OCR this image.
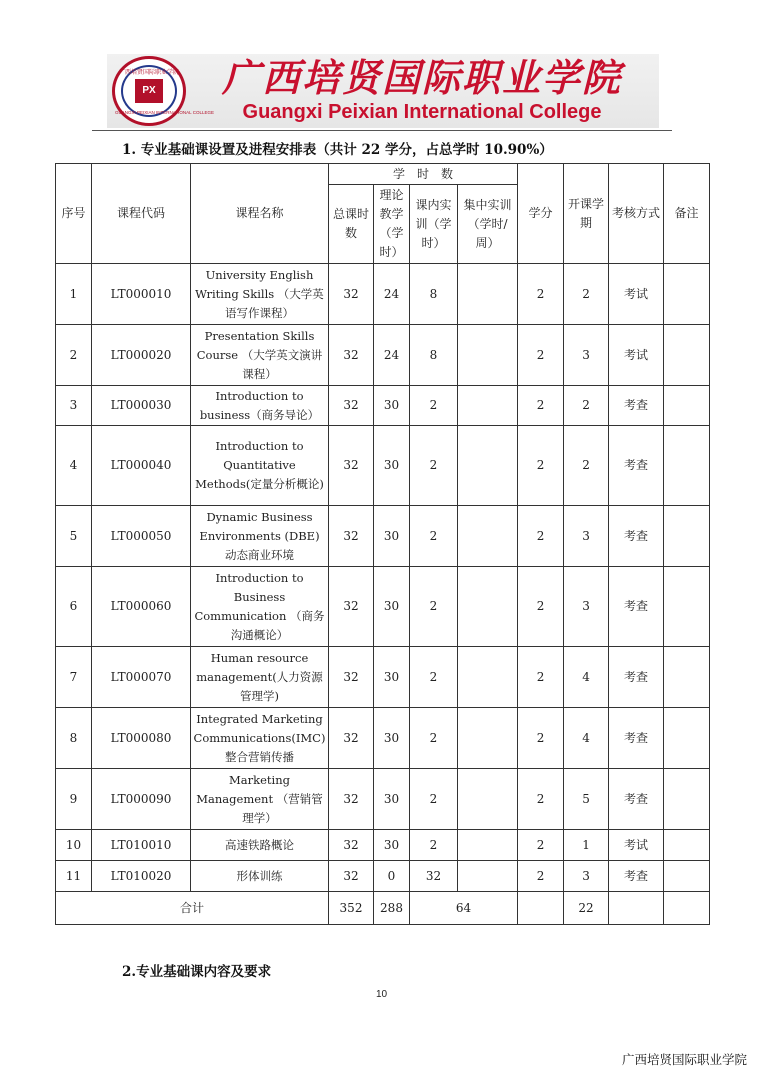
广西培贤国际职业学院
PX
GUANGXI PEIXIAN INTERNATIONAL COLLEGE
广西培贤国际职业学院
Guangxi Peixian International College
1. 专业基础课设置及进程安排表（共计 22 学分，占总学时 10.90%）
序号	课程代码	课程名称	学　时　数				学分	开课学期	考核方式	备注	
			总课时数	理论教学（学时）	课内实训（学时）	集中实训（学时/周）					
1	LT000010	University English Writing Skills （大学英语写作课程）	32	24	8		2	2	考试		
2	LT000020	Presentation Skills Course （大学英文演讲课程）	32	24	8		2	3	考试		
3	LT000030	Introduction to business（商务导论）	32	30	2		2	2	考查		
4	LT000040	Introduction to Quantitative Methods(定量分析概论)	32	30	2		2	2	考查		
5	LT000050	Dynamic Business Environments (DBE)　动态商业环境	32	30	2		2	3	考查		
6	LT000060	Introduction to Business Communication （商务沟通概论）	32	30	2		2	3	考查		
7	LT000070	Human resource management(人力资源管理学)	32	30	2		2	4	考查		
8	LT000080	Integrated Marketing Communications(IMC)整合营销传播	32	30	2		2	4	考查		
9	LT000090	Marketing Management （营销管理学）	32	30	2		2	5	考查		
10	LT010010	高速铁路概论	32	30	2		2	1	考试		
11	LT010020	形体训练	32	0	32		2	3	考查		
合计			352	288	64			22			
2.专业基础课内容及要求
10
广西培贤国际职业学院
